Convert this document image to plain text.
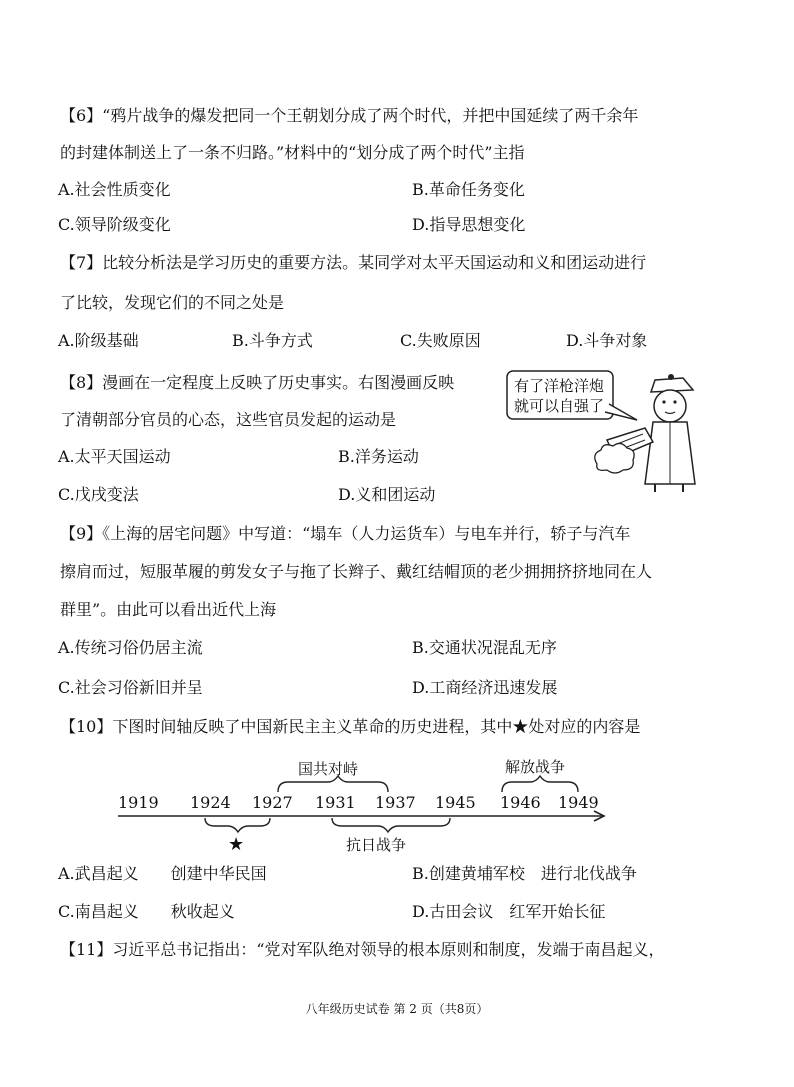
【6】“鸦片战争的爆发把同一个王朝划分成了两个时代，并把中国延续了两千余年
的封建体制送上了一条不归路。”材料中的“划分成了两个时代”主指
A.社会性质变化	B.革命任务变化
C.领导阶级变化	D.指导思想变化
【7】比较分析法是学习历史的重要方法。某同学对太平天国运动和义和团运动进行
了比较，发现它们的不同之处是
A.阶级基础	B.斗争方式	C.失败原因	D.斗争对象
【8】漫画在一定程度上反映了历史事实。右图漫画反映
了清朝部分官员的心态，这些官员发起的运动是
A.太平天国运动	B.洋务运动
C.戊戌变法	D.义和团运动
有了洋枪洋炮
就可以自强了
【9】《上海的居宅问题》中写道：“塌车（人力运货车）与电车并行，轿子与汽车
擦肩而过，短服革履的剪发女子与拖了长辫子、戴红结帽顶的老少拥拥挤挤地同在人
群里”。由此可以看出近代上海
A.传统习俗仍居主流	B.交通状况混乱无序
C.社会习俗新旧并呈	D.工商经济迅速发展
【10】下图时间轴反映了中国新民主主义革命的历史进程，其中★处对应的内容是
国共对峙	解放战争
1919 1924 1927 1931 1937 1945 1946 1949
★	抗日战争
A.武昌起义　　创建中华民国	B.创建黄埔军校　进行北伐战争
C.南昌起义　　秋收起义	D.古田会议　红军开始长征
【11】习近平总书记指出：“党对军队绝对领导的根本原则和制度，发端于南昌起义，
八年级历史试卷 第 2 页（共8页）
